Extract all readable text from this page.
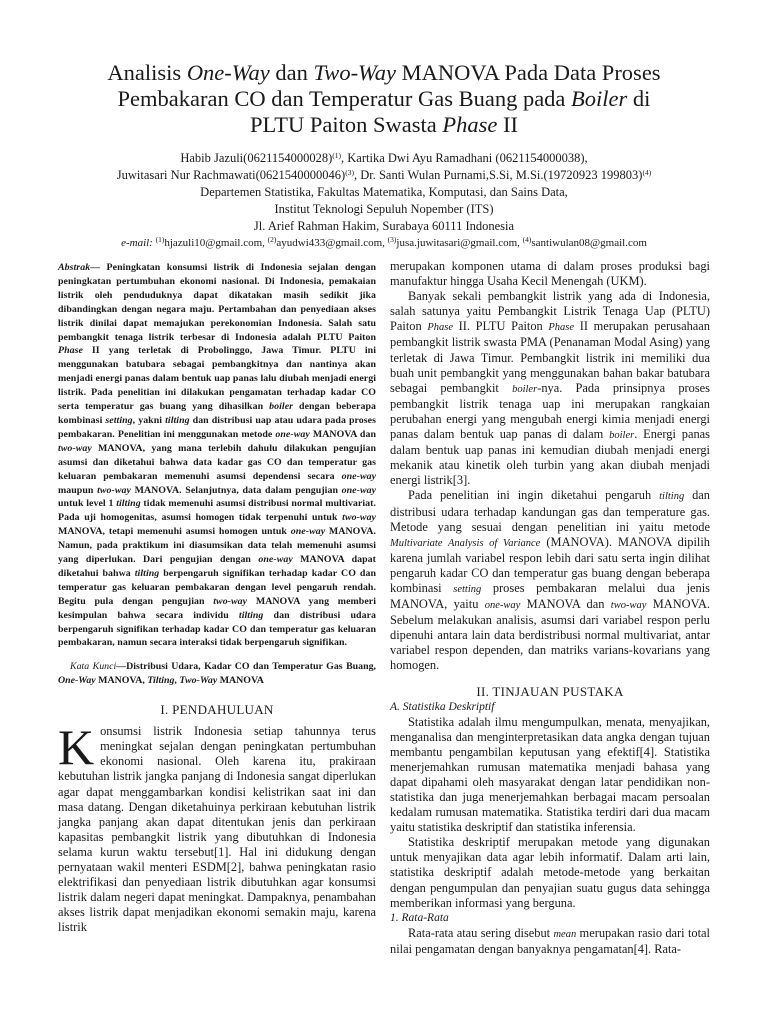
Analisis One-Way dan Two-Way MANOVA Pada Data Proses
Pembakaran CO dan Temperatur Gas Buang pada Boiler di
PLTU Paiton Swasta Phase II
Habib $Jazuli(0621154000028)^{(1)}$, Kartika Dwi Ayu Ramadhani (0621154000038),
Juwitasari Nur $Rachmawati(0621540000046)^{(3)}$, Dr. Santi Wulan Purnami,S.Si, M.Si.(19720923 199803)$^{(4)}$
Departemen Statistika, Fakultas Matematika, Komputasi, dan Sains Data,
Institut Teknologi Sepuluh Nopember (ITS)
Jl. Arief Rahman Hakim, Surabaya 60111 Indonesia
e-mail: $^{(1)}$hjazuli10@gmail.com, $^{(2)}$ayudwi433@gmail.com, $^{(3)}$jusa.juwitasari@gmail.com, $^{(4)}$santiwulan08@gmail.com

Abstrak— Peningkatan konsumsi listrik di Indonesia sejalan dengan peningkatan pertumbuhan ekonomi nasional. Di Indonesia, pemakaian listrik oleh penduduknya dapat dikatakan masih sedikit jika dibandingkan dengan negara maju. Pertambahan dan penyediaan akses listrik dinilai dapat memajukan perekonomian Indonesia. Salah satu pembangkit tenaga listrik terbesar di Indonesia adalah PLTU Paiton Phase II yang terletak di Probolinggo, Jawa Timur. PLTU ini menggunakan batubara sebagai pembangkitnya dan nantinya akan menjadi energi panas dalam bentuk uap panas lalu diubah menjadi energi listrik. Pada penelitian ini dilakukan pengamatan terhadap kadar CO serta temperatur gas buang yang dihasilkan boiler dengan beberapa kombinasi setting, yakni tilting dan distribusi uap atau udara pada proses pembakaran. Penelitian ini menggunakan metode one-way MANOVA dan two-way MANOVA, yang mana terlebih dahulu dilakukan pengujian asumsi dan diketahui bahwa data kadar gas CO dan temperatur gas keluaran pembakaran memenuhi asumsi dependensi secara one-way maupun two-way MANOVA. Selanjutnya, data dalam pengujian one-way untuk level 1 tilting tidak memenuhi asumsi distribusi normal multivariat. Pada uji homogenitas, asumsi homogen tidak terpenuhi untuk two-way MANOVA, tetapi memenuhi asumsi homogen untuk one-way MANOVA. Namun, pada praktikum ini diasumsikan data telah memenuhi asumsi yang diperlukan. Dari pengujian dengan one-way MANOVA dapat diketahui bahwa tilting berpengaruh signifikan terhadap kadar CO dan temperatur gas keluaran pembakaran dengan level pengaruh rendah. Begitu pula dengan pengujian two-way MANOVA yang memberi kesimpulan bahwa secara individu tilting dan distribusi udara berpengaruh signifikan terhadap kadar CO dan temperatur gas keluaran pembakaran, namun secara interaksi tidak berpengaruh signifikan.

Kata Kunci—Distribusi Udara, Kadar CO dan Temperatur Gas Buang, One-Way MANOVA, Tilting, Two-Way MANOVA

I. PENDAHULUAN

K onsumsi listrik Indonesia setiap tahunnya terus meningkat sejalan dengan peningkatan pertumbuhan ekonomi nasional. Oleh karena itu, prakiraan kebutuhan listrik jangka panjang di Indonesia sangat diperlukan agar dapat menggambarkan kondisi kelistrikan saat ini dan masa datang. Dengan diketahuinya perkiraan kebutuhan listrik jangka panjang akan dapat ditentukan jenis dan perkiraan kapasitas pembangkit listrik yang dibutuhkan di Indonesia selama kurun waktu tersebut[1]. Hal ini didukung dengan pernyataan wakil menteri ESDM[2], bahwa peningkatan rasio elektrifikasi dan penyediaan listrik dibutuhkan agar konsumsi listrik dalam negeri dapat meningkat. Dampaknya, penambahan akses listrik dapat menjadikan ekonomi semakin maju, karena listrik

merupakan komponen utama di dalam proses produksi bagi manufaktur hingga Usaha Kecil Menengah (UKM).

Banyak sekali pembangkit listrik yang ada di Indonesia, salah satunya yaitu Pembangkit Listrik Tenaga Uap (PLTU) Paiton Phase II. PLTU Paiton Phase II merupakan perusahaan pembangkit listrik swasta PMA (Penanaman Modal Asing) yang terletak di Jawa Timur. Pembangkit listrik ini memiliki dua buah unit pembangkit yang menggunakan bahan bakar batubara sebagai pembangkit boiler-nya. Pada prinsipnya proses pembangkit listrik tenaga uap ini merupakan rangkaian perubahan energi yang mengubah energi kimia menjadi energi panas dalam bentuk uap panas di dalam boiler. Energi panas dalam bentuk uap panas ini kemudian diubah menjadi energi mekanik atau kinetik oleh turbin yang akan diubah menjadi energi listrik[3].

Pada penelitian ini ingin diketahui pengaruh tilting dan distribusi udara terhadap kandungan gas dan temperature gas. Metode yang sesuai dengan penelitian ini yaitu metode Multivariate Analysis of Variance (MANOVA). MANOVA dipilih karena jumlah variabel respon lebih dari satu serta ingin dilihat pengaruh kadar CO dan temperatur gas buang dengan beberapa kombinasi setting proses pembakaran melalui dua jenis MANOVA, yaitu one-way MANOVA dan two-way MANOVA. Sebelum melakukan analisis, asumsi dari variabel respon perlu dipenuhi antara lain data berdistribusi normal multivariat, antar variabel respon dependen, dan matriks varians-kovarians yang homogen.

II. TINJAUAN PUSTAKA

A. Statistika Deskriptif

Statistika adalah ilmu mengumpulkan, menata, menyajikan, menganalisa dan menginterpretasikan data angka dengan tujuan membantu pengambilan keputusan yang efektif[4]. Statistika menerjemahkan rumusan matematika menjadi bahasa yang dapat dipahami oleh masyarakat dengan latar pendidikan non-statistika dan juga menerjemahkan berbagai macam persoalan kedalam rumusan matematika. Statistika terdiri dari dua macam yaitu statistika deskriptif dan statistika inferensia.

Statistika deskriptif merupakan metode yang digunakan untuk menyajikan data agar lebih informatif. Dalam arti lain, statistika deskriptif adalah metode-metode yang berkaitan dengan pengumpulan dan penyajian suatu gugus data sehingga memberikan informasi yang berguna.

1. Rata-Rata

Rata-rata atau sering disebut mean merupakan rasio dari total nilai pengamatan dengan banyaknya pengamatan[4]. Rata-
